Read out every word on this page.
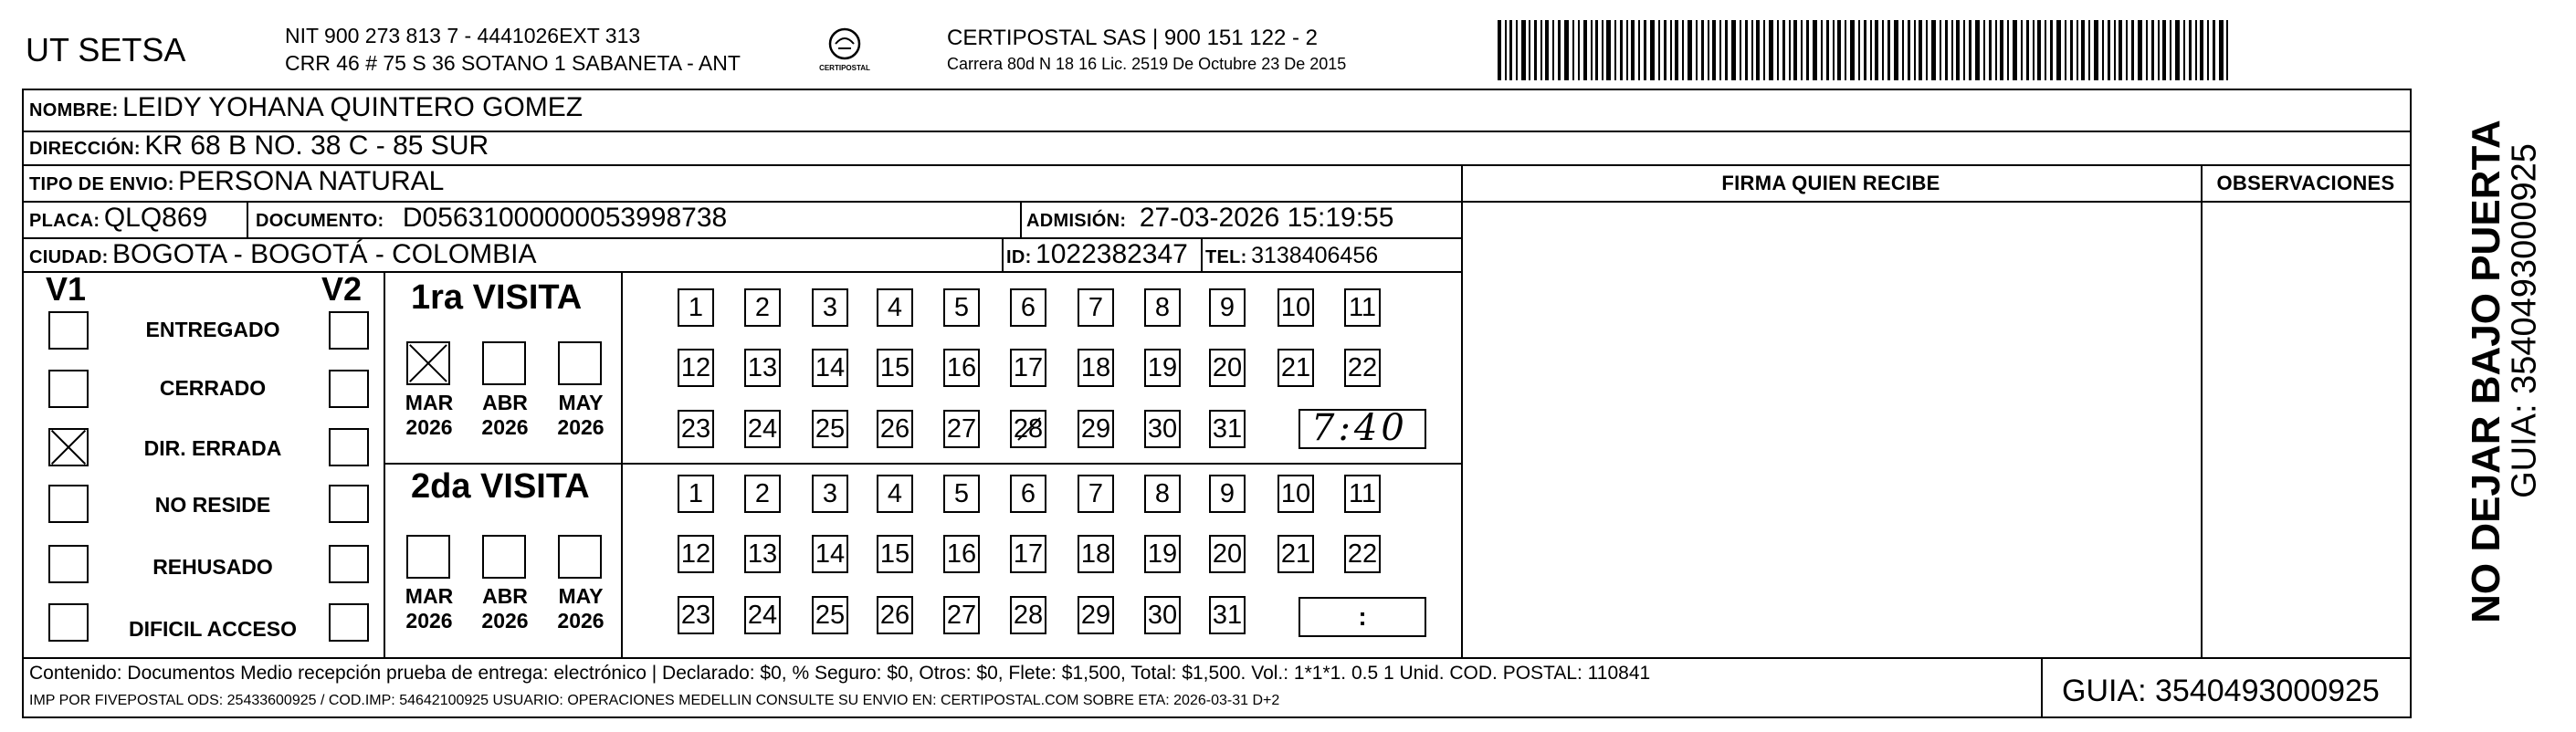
UT SETSA	NIT 900 273 813 7 - 4441026EXT 313
CRR 46 # 75 S 36 SOTANO 1 SABANETA - ANT	CERTIPOSTAL
CERTIPOSTAL SAS | 900 151 122 - 2
Carrera 80d N 18 16 Lic. 2519 De Octubre 23 De 2015
NOMBRE: LEIDY YOHANA QUINTERO GOMEZ
DIRECCIÓN: KR 68 B NO. 38 C - 85 SUR
TIPO DE ENVIO: PERSONA NATURAL
PLACA: QLQ869	DOCUMENTO: D05631000000053998738	ADMISIÓN: 27-03-2026 15:19:55
CIUDAD: BOGOTA - BOGOTÁ - COLOMBIA	ID: 1022382347 TEL: 3138406456
FIRMA QUIEN RECIBE	OBSERVACIONES
V1	V2
ENTREGADO
CERRADO
DIR. ERRADA
NO RESIDE
REHUSADO
DIFICIL ACCESO
1ra VISITA
MAR
2026
ABR
2026
MAY
2026
2da VISITA
MAR
2026
ABR
2026
MAY
2026
1	2	3	4	5	6	7	8	9	10 11
12 13 14 15 16 17 18 19 20 21 22
23 24 25 26 27 28 29 30 31
1	2	3	4	5	6	7	8	9	10 11
12 13 14 15 16 17 18 19 20 21 22
23 24 25 26 27 28 29 30 31
7:40
:
Contenido: Documentos Medio recepción prueba de entrega: electrónico | Declarado: $0, % Seguro: $0, Otros: $0, Flete: $1,500, Total: $1,500. Vol.: 1*1*1. 0.5 1 Unid. COD. POSTAL: 110841
IMP POR FIVEPOSTAL ODS: 25433600925 / COD.IMP: 54642100925 USUARIO: OPERACIONES MEDELLIN CONSULTE SU ENVIO EN: CERTIPOSTAL.COM SOBRE ETA: 2026-03-31 D+2	GUIA: 3540493000925
NO DEJAR BAJO PUERTA
GUIA: 3540493000925
